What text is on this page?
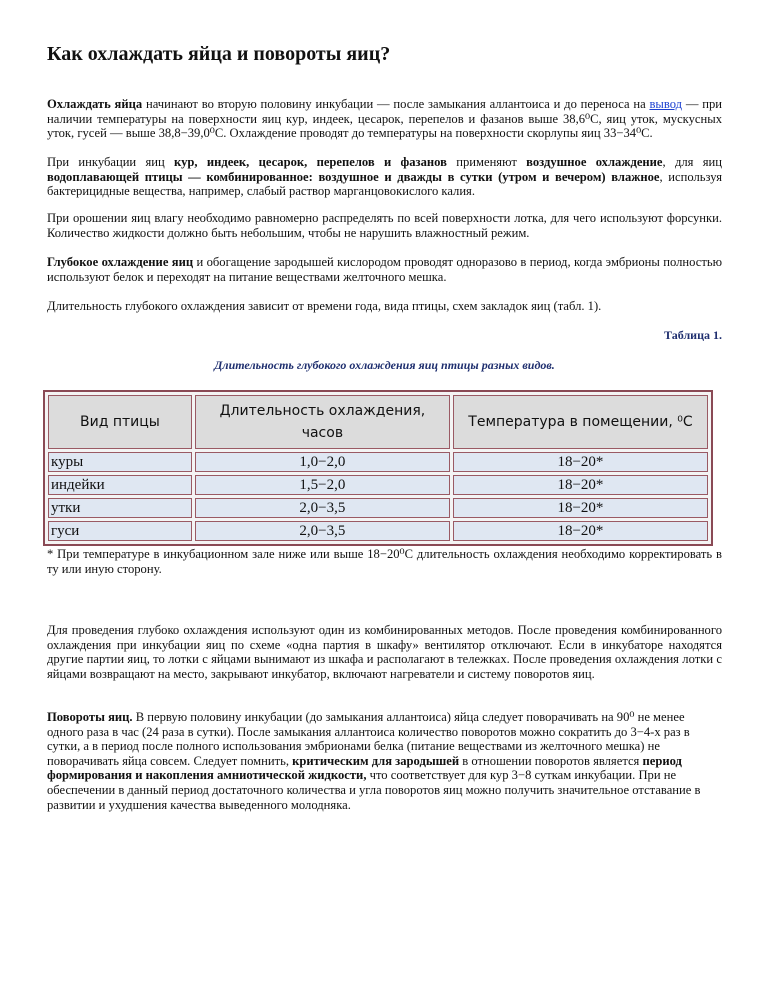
Как охлаждать яйца и повороты яиц?

Охлаждать яйца начинают во вторую половину инкубации — после замыкания аллантоиса и до переноса на вывод — при наличии температуры на поверхности яиц кур, индеек, цесарок, перепелов и фазанов выше 38,6⁰С, яиц уток, мускусных уток, гусей — выше 38,8−39,0⁰С. Охлаждение проводят до температуры на поверхности скорлупы яиц 33−34⁰С.

При инкубации яиц кур, индеек, цесарок, перепелов и фазанов применяют воздушное охлаждение, для яиц водоплавающей птицы — комбинированное: воздушное и дважды в сутки (утром и вечером) влажное, используя бактерицидные вещества, например, слабый раствор марганцовокислого калия.

При орошении яиц влагу необходимо равномерно распределять по всей поверхности лотка, для чего используют форсунки. Количество жидкости должно быть небольшим, чтобы не нарушить влажностный режим.

Глубокое охлаждение яиц и обогащение зародышей кислородом проводят одноразово в период, когда эмбрионы полностью используют белок и переходят на питание веществами желточного мешка.

Длительность глубокого охлаждения зависит от времени года, вида птицы, схем закладок яиц (табл. 1).

Таблица 1.
Длительность глубокого охлаждения яиц птицы разных видов.
Вид птицы	Длительность охлаждения, часов	Температура в помещении, ⁰С
куры	1,0−2,0	18−20*
индейки	1,5−2,0	18−20*
утки	2,0−3,5	18−20*
гуси	2,0−3,5	18−20*

* При температуре в инкубационном зале ниже или выше 18−20⁰С длительность охлаждения необходимо корректировать в ту или иную сторону.

Для проведения глубоко охлаждения используют один из комбинированных методов. После проведения комбинированного охлаждения при инкубации яиц по схеме «одна партия в шкафу» вентилятор отключают. Если в инкубаторе находятся другие партии яиц, то лотки с яйцами вынимают из шкафа и располагают в тележках. После проведения охлаждения лотки с яйцами возвращают на место, закрывают инкубатор, включают нагреватели и систему поворотов яиц.

Повороты яиц. В первую половину инкубации (до замыкания аллантоиса) яйца следует поворачивать на 90⁰ не менее одного раза в час (24 раза в сутки). После замыкания аллантоиса количество поворотов можно сократить до 3−4-х раз в сутки, а в период после полного использования эмбрионами белка (питание веществами из желточного мешка) не поворачивать яйца совсем. Следует помнить, критическим для зародышей в отношении поворотов является период формирования и накопления амниотической жидкости, что соответствует для кур 3−8 суткам инкубации. При не обеспечении в данный период достаточного количества и угла поворотов яиц можно получить значительное отставание в развитии и ухудшения качества выведенного молодняка.
